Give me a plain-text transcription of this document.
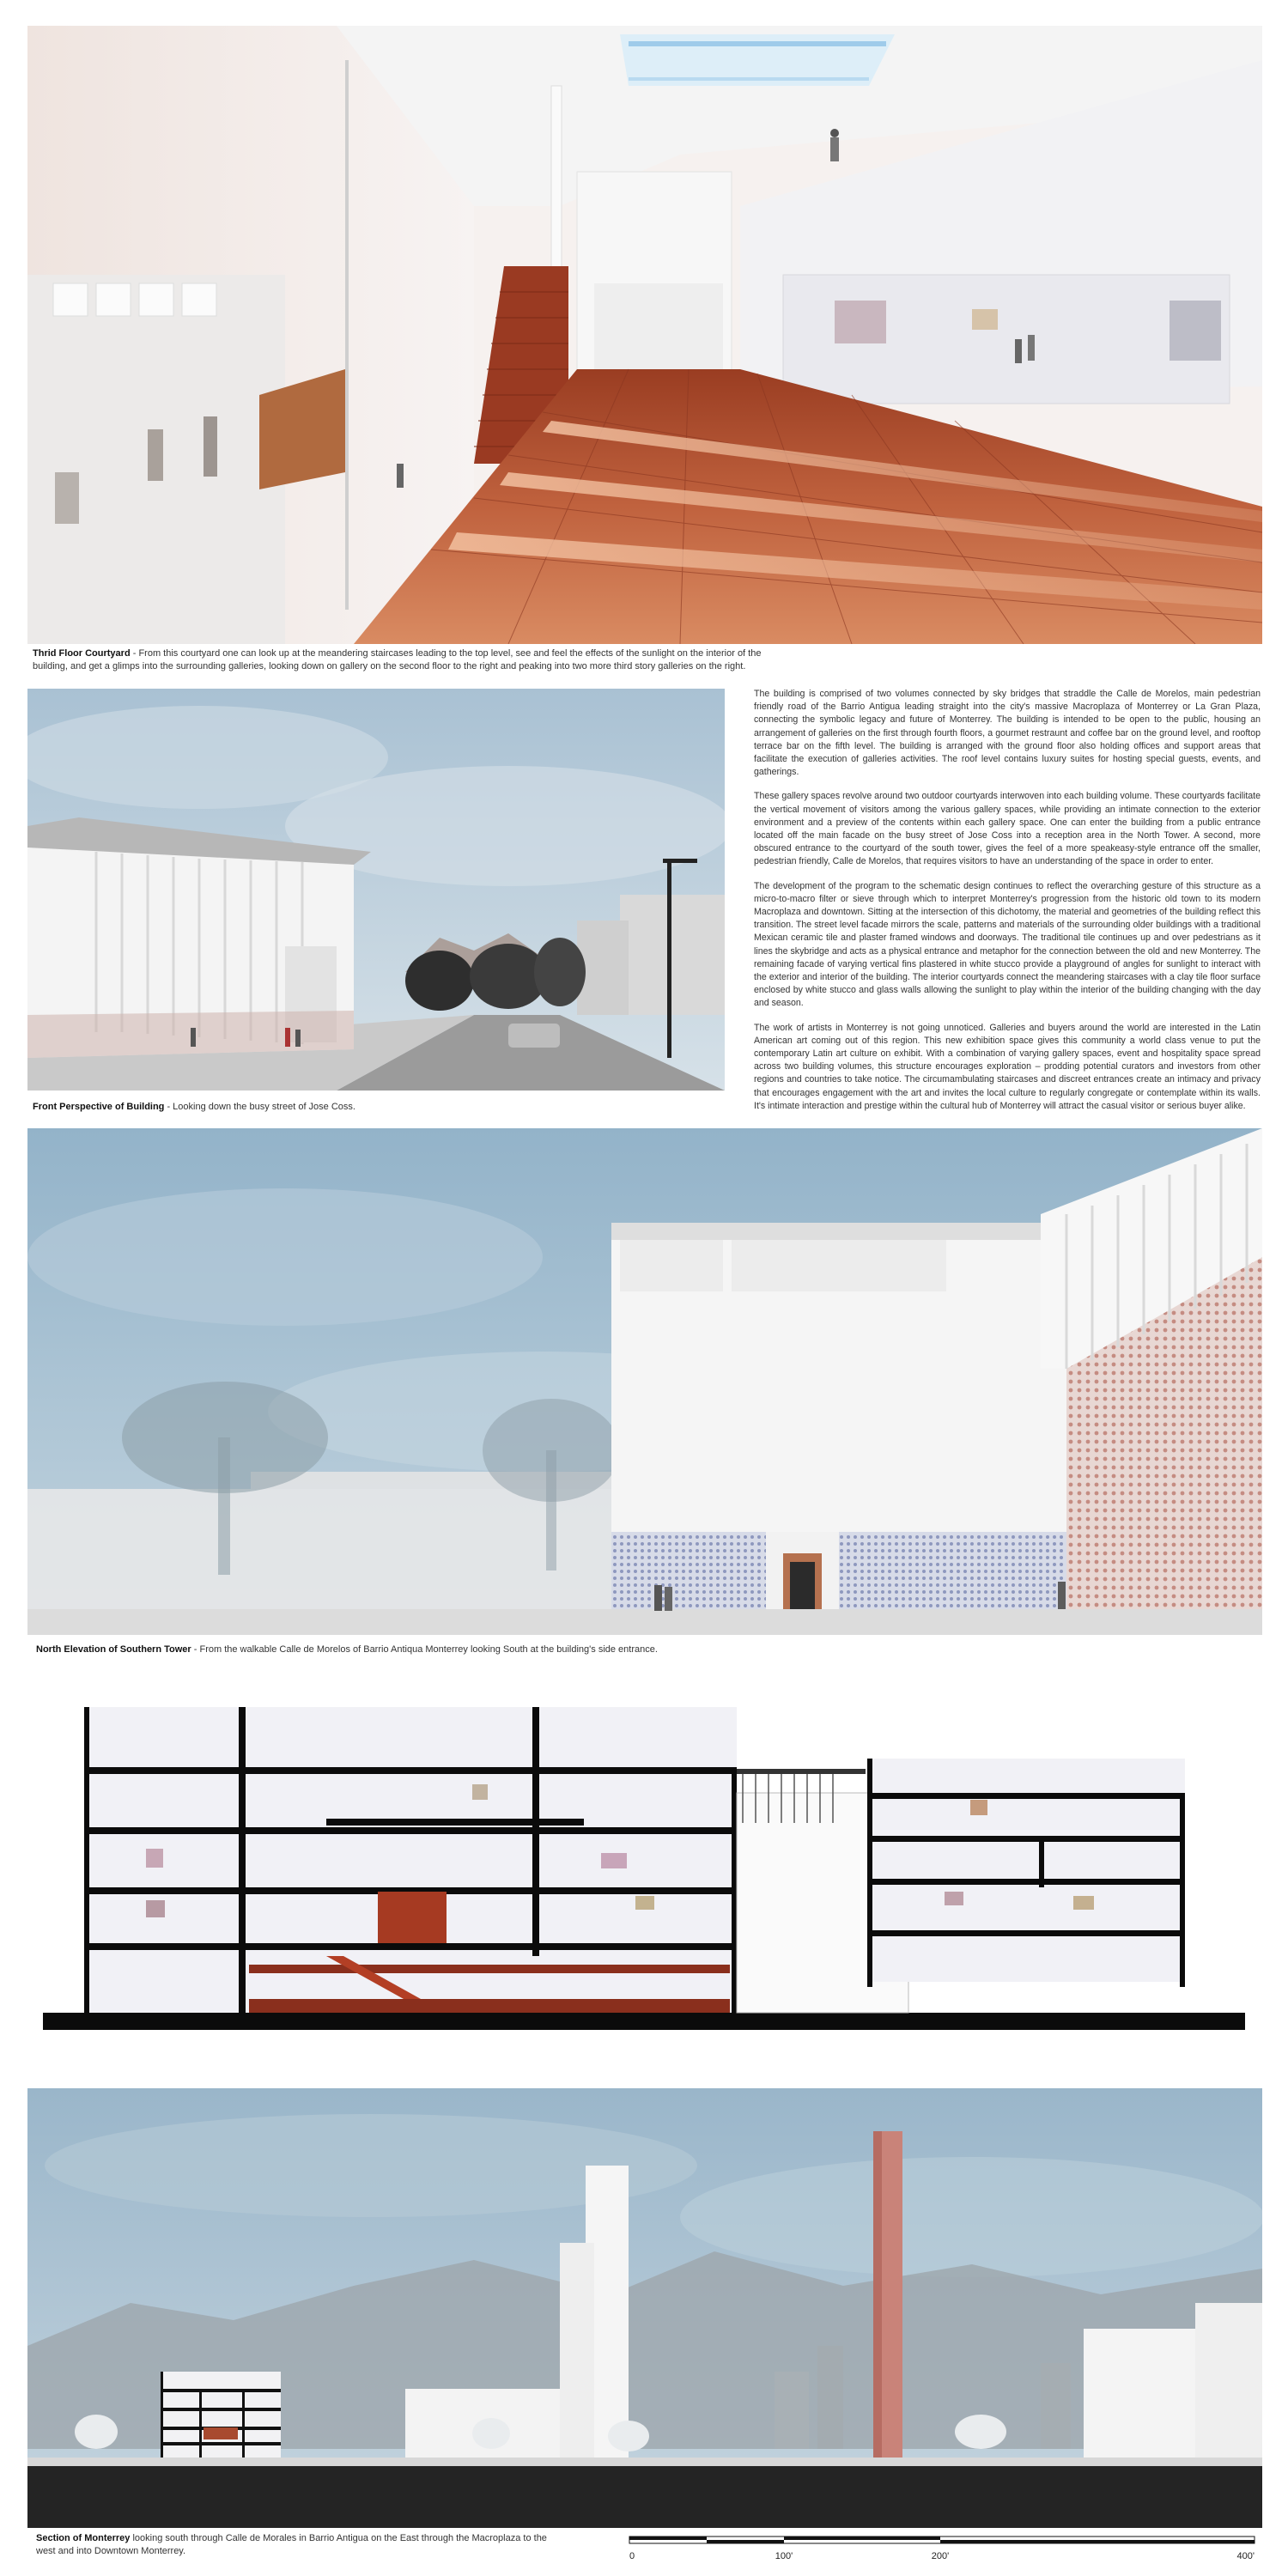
Thrid Floor Courtyard - From this courtyard one can look up at the meandering staircases leading to the top level, see and feel the effects of the sunlight on the interior of the building, and get a glimps into the surrounding galleries, looking down on gallery on the second floor to the right and peaking into two more third story galleries on the right.
Front Perspective of Building - Looking down the busy street of Jose Coss.

The building is comprised of two volumes connected by sky bridges that straddle the Calle de Morelos, main pedestrian friendly road of the Barrio Antigua leading straight into the city's massive Macroplaza of Monterrey or La Gran Plaza, connecting the symbolic legacy and future of Monterrey. The building is intended to be open to the public, housing an arrangement of galleries on the first through fourth floors, a gourmet restraunt and coffee bar on the ground level, and rooftop terrace bar on the fifth level. The building is arranged with the ground floor also holding offices and support areas that facilitate the execution of galleries activities. The roof level contains luxury suites for hosting special guests, events, and gatherings.

These gallery spaces revolve around two outdoor courtyards interwoven into each building volume. These courtyards facilitate the vertical movement of visitors among the various gallery spaces, while providing an intimate connection to the exterior environment and a preview of the contents within each gallery space. One can enter the building from a public entrance located off the main facade on the busy street of Jose Coss into a reception area in the North Tower. A second, more obscured entrance to the courtyard of the south tower, gives the feel of a more speakeasy-style entrance off the smaller, pedestrian friendly, Calle de Morelos, that requires visitors to have an understanding of the space in order to enter.

The development of the program to the schematic design continues to reflect the overarching gesture of this structure as a micro-to-macro filter or sieve through which to interpret Monterrey's progression from the historic old town to its modern Macroplaza and downtown. Sitting at the intersection of this dichotomy, the material and geometries of the building reflect this transition. The street level facade mirrors the scale, patterns and materials of the surrounding older buildings with a traditional Mexican ceramic tile and plaster framed windows and doorways. The traditional tile continues up and over pedestrians as it lines the skybridge and acts as a physical entrance and metaphor for the connection between the old and new Monterrey. The remaining facade of varying vertical fins plastered in white stucco provide a playground of angles for sunlight to interact with the exterior and interior of the building. The interior courtyards connect the meandering staircases with a clay tile floor surface enclosed by white stucco and glass walls allowing the sunlight to play within the interior of the building changing with the day and season.

The work of artists in Monterrey is not going unnoticed. Galleries and buyers around the world are interested in the Latin American art coming out of this region. This new exhibition space gives this community a world class venue to put the contemporary Latin art culture on exhibit. With a combination of varying gallery spaces, event and hospitality space spread across two building volumes, this structure encourages exploration – prodding potential curators and investors from other regions and countries to take notice. The circumambulating staircases and discreet entrances create an intimacy and privacy that encourages engagement with the art and invites the local culture to regularly congregate or contemplate within its walls. It's intimate interaction and prestige within the cultural hub of Monterrey will attract the casual visitor or serious buyer alike.

North Elevation of Southern Tower - From the walkable Calle de Morelos of Barrio Antiqua Monterrey looking South at the building's side entrance.
Section of Monterrey looking south through Calle de Morales in Barrio Antigua on the East through the Macroplaza to the west and into Downtown Monterrey.	0	100'	200'	400'
